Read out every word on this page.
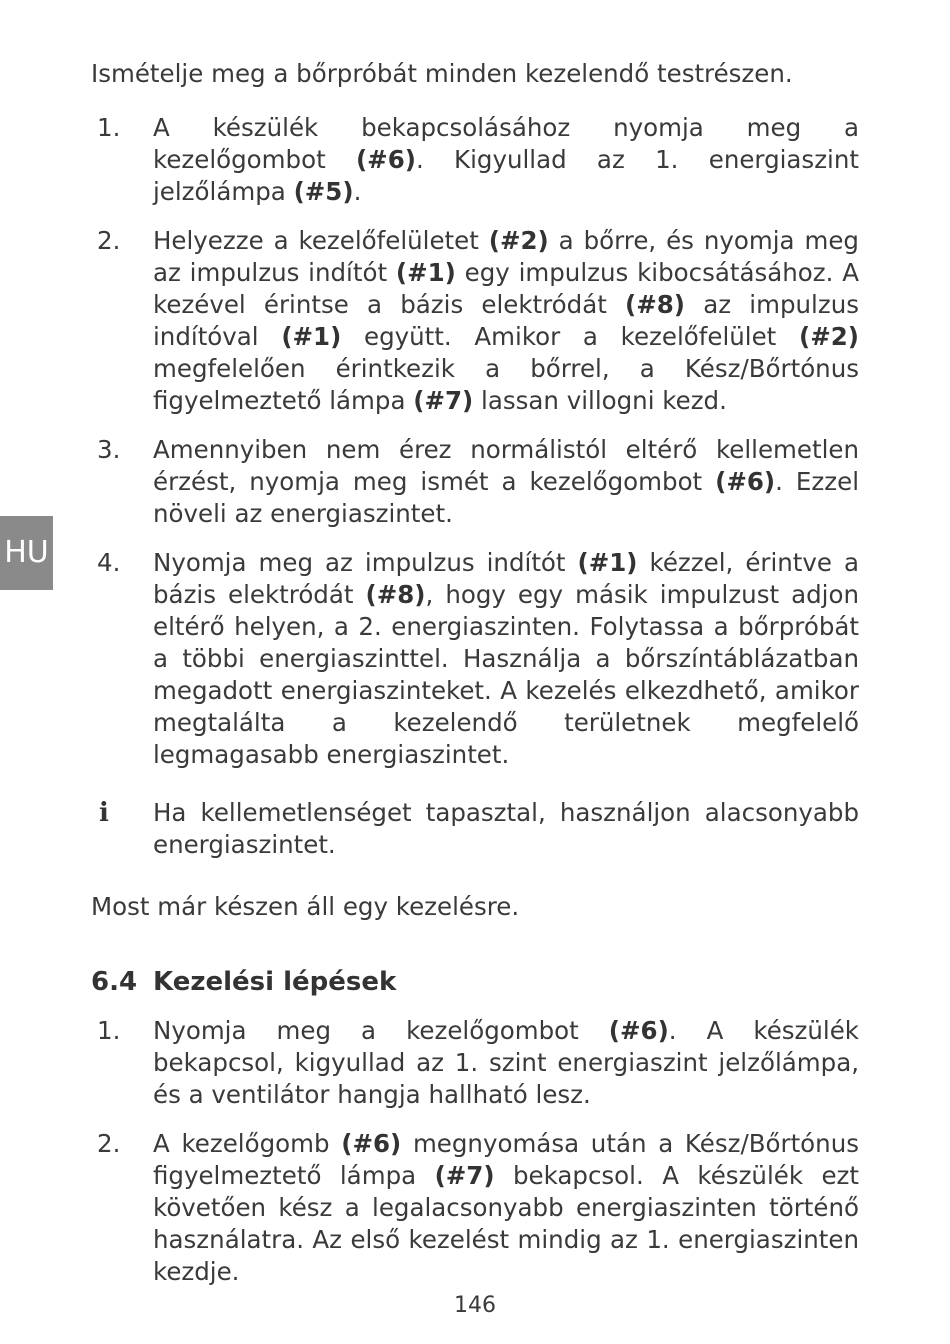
HU

Ismételje meg a bőrpróbát minden kezelendő testrészen.

1.	A készülék bekapcsolásához nyomja meg a kezelőgombot (#6). Kigyullad az 1. energiaszint jelzőlámpa (#5).
2.	Helyezze a kezelőfelületet (#2) a bőrre, és nyomja meg az impulzus indítót (#1) egy impulzus kibocsátásához. A kezével érintse a bázis elektródát (#8) az impulzus indítóval (#1) együtt. Amikor a kezelőfelület (#2) megfelelően érintkezik a bőrrel, a Kész/Bőrtónus figyelmeztető lámpa (#7) lassan villogni kezd.
3.	Amennyiben nem érez normálistól eltérő kellemetlen érzést, nyomja meg ismét a kezelőgombot (#6). Ezzel növeli az energiaszintet.
4.	Nyomja meg az impulzus indítót (#1) kézzel, érintve a bázis elektródát (#8), hogy egy másik impulzust adjon eltérő helyen, a 2. energiaszinten. Folytassa a bőrpróbát a többi energiaszinttel. Használja a bőrszíntáblázatban megadott energiaszinteket. A kezelés elkezdhető, amikor megtalálta a kezelendő területnek megfelelő legmagasabb energiaszintet.
i	Ha kellemetlenséget tapasztal, használjon alacsonyabb energiaszintet.

Most már készen áll egy kezelésre.

6.4 Kezelési lépések
1.	Nyomja meg a kezelőgombot (#6). A készülék bekapcsol, kigyullad az 1. szint energiaszint jelzőlámpa, és a ventilátor hangja hallható lesz.
2.	A kezelőgomb (#6) megnyomása után a Kész/Bőrtónus figyelmeztető lámpa (#7) bekapcsol. A készülék ezt követően kész a legalacsonyabb energiaszinten történő használatra. Az első kezelést mindig az 1. energiaszinten kezdje.
146
